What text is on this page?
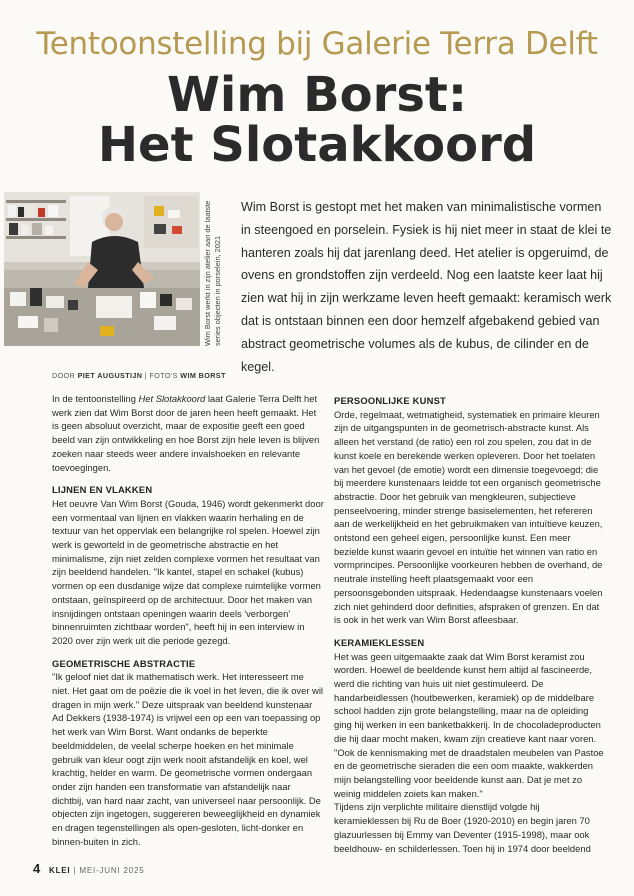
Tentoonstelling bij Galerie Terra Delft
Wim Borst:
Het Slotakkoord
Wim Borst werkt in zijn atelier aan de laatste series objecten in porselein, 2021

Wim Borst is gestopt met het maken van minimalistische vormen in steengoed en porselein. Fysiek is hij niet meer in staat de klei te hanteren zoals hij dat jarenlang deed. Het atelier is opgeruimd, de ovens en grondstoffen zijn verdeeld. Nog een laatste keer laat hij zien wat hij in zijn werkzame leven heeft gemaakt: keramisch werk dat is ontstaan binnen een door hemzelf afgebakend gebied van abstract geometrische volumes als de kubus, de cilinder en de kegel.

DOOR PIET AUGUSTIJN | FOTO'S WIM BORST

In de tentoonstelling Het Slotakkoord laat Galerie Terra Delft het werk zien dat Wim Borst door de jaren heen heeft gemaakt. Het is geen absoluut overzicht, maar de expositie geeft een goed beeld van zijn ontwikkeling en hoe Borst zijn hele leven is blijven zoeken naar steeds weer andere invalshoeken en relevante toevoegingen.

LIJNEN EN VLAKKEN

Het oeuvre Van Wim Borst (Gouda, 1946) wordt gekenmerkt door een vormentaal van lijnen en vlakken waarin herhaling en de textuur van het oppervlak een belangrijke rol spelen. Hoewel zijn werk is geworteld in de geometrische abstractie en het minimalisme, zijn niet zelden complexe vormen het resultaat van zijn beeldend handelen. "Ik kantel, stapel en schakel (kubus) vormen op een dusdanige wijze dat complexe ruimtelijke vormen ontstaan, geïnspireerd op de architectuur. Door het maken van insnijdingen ontstaan openingen waarin deels 'verborgen' binnenruimten zichtbaar worden", heeft hij in een interview in 2020 over zijn werk uit die periode gezegd.

GEOMETRISCHE ABSTRACTIE

"Ik geloof niet dat ik mathematisch werk. Het interesseert me niet. Het gaat om de poëzie die ik voel in het leven, die ik over wil dragen in mijn werk." Deze uitspraak van beeldend kunstenaar Ad Dekkers (1938-1974) is vrijwel een op een van toepassing op het werk van Wim Borst. Want ondanks de beperkte beeldmiddelen, de veelal scherpe hoeken en het minimale gebruik van kleur oogt zijn werk nooit afstandelijk en koel, wel krachtig, helder en warm. De geometrische vormen ondergaan onder zijn handen een transformatie van afstandelijk naar dichtbij, van hard naar zacht, van universeel naar persoonlijk. De objecten zijn ingetogen, suggereren beweeglijkheid en dynamiek en dragen tegenstellingen als open-gesloten, licht-donker en binnen-buiten in zich.

PERSOONLIJKE KUNST

Orde, regelmaat, wetmatigheid, systematiek en primaire kleuren zijn de uitgangspunten in de geometrisch-abstracte kunst. Als alleen het verstand (de ratio) een rol zou spelen, zou dat in de kunst koele en berekende werken opleveren. Door het toelaten van het gevoel (de emotie) wordt een dimensie toegevoegd; die bij meerdere kunstenaars leidde tot een organisch geometrische abstractie. Door het gebruik van mengkleuren, subjectieve penseelvoering, minder strenge basiselementen, het refereren aan de werkelijkheid en het gebruikmaken van intuïtieve keuzen, ontstond een geheel eigen, persoonlijke kunst. Een meer bezielde kunst waarin gevoel en intuïtie het winnen van ratio en vormprincipes. Persoonlijke voorkeuren hebben de overhand, de neutrale instelling heeft plaatsgemaakt voor een persoonsgebonden uitspraak. Hedendaagse kunstenaars voelen zich niet gehinderd door definities, afspraken of grenzen. En dat is ook in het werk van Wim Borst afleesbaar.

KERAMIEKLESSEN

Het was geen uitgemaakte zaak dat Wim Borst keramist zou worden. Hoewel de beeldende kunst hem altijd al fascineerde, werd die richting van huis uit niet gestimuleerd. De handarbeidlessen (houtbewerken, keramiek) op de middelbare school hadden zijn grote belangstelling, maar na de opleiding ging hij werken in een banketbakkerij. In de chocoladeproducten die hij daar mocht maken, kwam zijn creatieve kant naar voren. "Ook de kennismaking met de draadstalen meubelen van Pastoe en de geometrische sieraden die een oom maakte, wakkerden mijn belangstelling voor beeldende kunst aan. Dat je met zo weinig middelen zoiets kan maken."

Tijdens zijn verplichte militaire dienstlijd volgde hij keramieklessen bij Ru de Boer (1920-2010) en begin jaren 70 glazuurlessen bij Emmy van Deventer (1915-1998), maar ook beeldhouw- en schilderlessen. Toen hij in 1974 door beeldend

4 KLEI | MEI-JUNI 2025
